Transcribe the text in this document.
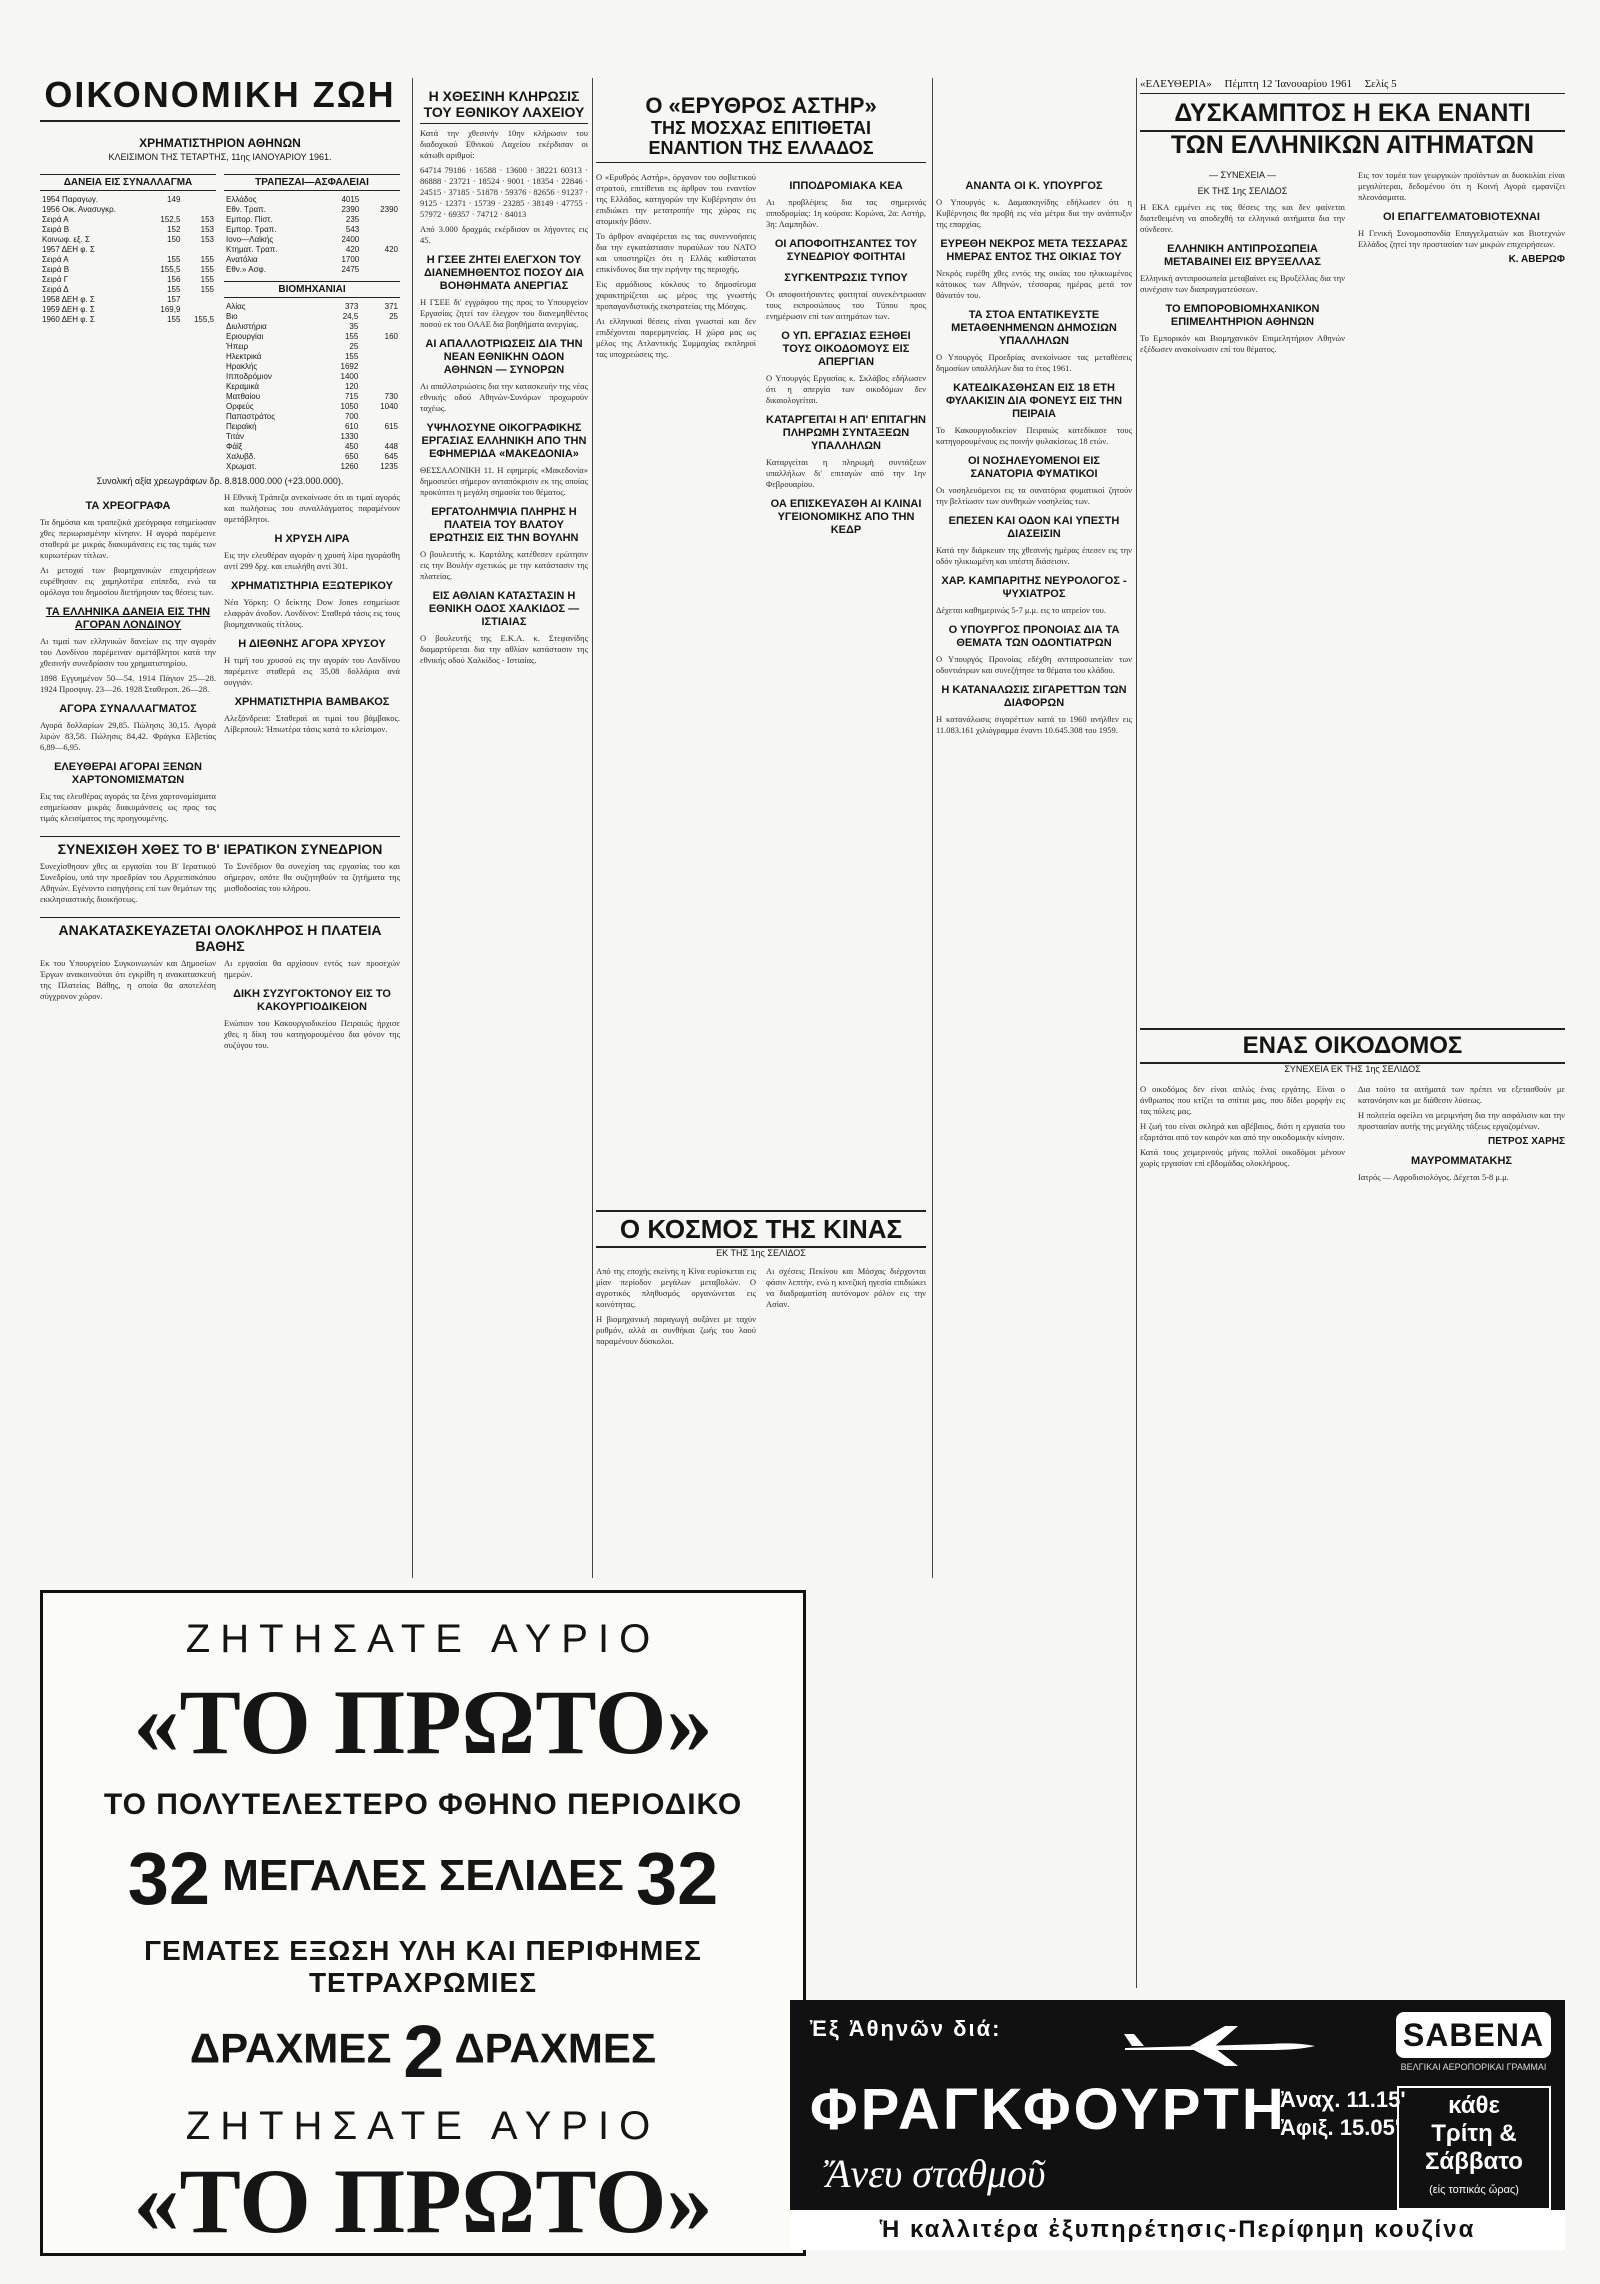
«ΕΛΕΥΘΕΡΙΑ» Πέμπτη 12 Ἰανουαρίου 1961 Σελίς 5
ΟΙΚΟΝΟΜΙΚΗ ΖΩΗ
ΧΡΗΜΑΤΙΣΤΗΡΙΟΝ ΑΘΗΝΩΝ
ΚΛΕΙΣΙΜΟΝ ΤΗΣ ΤΕΤΑΡΤΗΣ, 11ης ΙΑΝΟΥΑΡΙΟΥ 1961.
ΔΑΝΕΙΑ ΕΙΣ ΣΥΝΑΛΛΑΓΜΑ
1954 Παραγωγ.	149	
1956 Οικ. Ανασυγκρ.		
Σειρά Α	152,5	153
Σειρά Β	152	153
Κοινωφ. εξ. Σ	150	153
1957 ΔΕΗ φ. Σ		
Σειρά Α	155	155
Σειρά Β	155,5	155
Σειρά Γ	156	155
Σειρά Δ	155	155
1958 ΔΕΗ φ. Σ	157	
1959 ΔΕΗ φ. Σ	169,9	
1960 ΔΕΗ φ. Σ	155	155,5
ΤΡΑΠΕΖΑΙ—ΑΣΦΑΛΕΙΑΙ
Ελλάδος	4015	
Εθν. Τραπ.	2390	2390
Εμπορ. Πίστ.	235	
Εμπορ. Τραπ.	543	
Ιονο—Λαϊκής	2400	
Κτηματ. Τραπ.	420	420
Ανατόλια	1700	
Εθν.» Ασφ.	2475	
ΒΙΟΜΗΧΑΝΙΑΙ
Αλίας	373	371
Βιο	24,5	25
Διυλιστήρια	35	
Εριουργίαι	155	160
Ήπειρ	25	
Ηλεκτρικά	155	
Ηρακλής	1692	
Ιπποδρόμιον	1400	
Κεραμικά	120	
Ματθαίου	715	730
Ορφεύς	1050	1040
Παπαστράτος	700	
Πειραϊκή	610	615
Τιτάν	1330	
Φάϊξ	450	448
Χαλυβδ.	650	645
Χρωματ.	1260	1235
Συνολική αξία χρεωγράφων δρ. 8.818.000.000 (+23.000.000).
ΤΑ ΧΡΕΟΓΡΑΦΑ

Τα δημόσια και τραπεζικά χρεόγραφα εσημείωσαν χθες περιωρισμένην κίνησιν. Η αγορά παρέμεινε σταθερά με μικράς διακυμάνσεις εις τας τιμάς των κυριωτέρων τίτλων.

Αι μετοχαί των βιομηχανικών επιχειρήσεων ευρέθησαν εις χαμηλοτέρα επίπεδα, ενώ τα ομόλογα του δημοσίου διετήρησαν τας θέσεις των.

ΤΑ ΕΛΛΗΝΙΚΑ ΔΑΝΕΙΑ ΕΙΣ ΤΗΝ ΑΓΟΡΑΝ ΛΟΝΔΙΝΟΥ

Αι τιμαί των ελληνικών δανείων εις την αγοράν του Λονδίνου παρέμειναν αμετάβλητοι κατά την χθεσινήν συνεδρίασιν του χρηματιστηρίου.

1898 Εγγυημένον 50—54. 1914 Πάγιον 25—28. 1924 Προσφυγ. 23—26. 1928 Σταθεροπ. 26—28.

ΑΓΟΡΑ ΣΥΝΑΛΛΑΓΜΑΤΟΣ

Αγορά δολλαρίων 29,85. Πώλησις 30,15. Αγορά λιρών 83,58. Πώλησις 84,42. Φράγκα Ελβετίας 6,89—6,95.

ΕΛΕΥΘΕΡΑΙ ΑΓΟΡΑΙ ΞΕΝΩΝ ΧΑΡΤΟΝΟΜΙΣΜΑΤΩΝ

Εις τας ελευθέρας αγοράς τα ξένα χαρτονομίσματα εσημείωσαν μικράς διακυμάνσεις ως προς τας τιμάς κλεισίματος της προηγουμένης.

Η Εθνική Τράπεζα ανεκοίνωσε ότι αι τιμαί αγοράς και πωλήσεως του συναλλάγματος παραμένουν αμετάβλητοι.

Η ΧΡΥΣΗ ΛΙΡΑ

Εις την ελευθέραν αγοράν η χρυσή λίρα ηγοράσθη αντί 299 δρχ. και επωλήθη αντί 301.

ΧΡΗΜΑΤΙΣΤΗΡΙΑ ΕΞΩΤΕΡΙΚΟΥ

Νέα Υόρκη: Ο δείκτης Dow Jones εσημείωσε ελαφράν άνοδον. Λονδίνον: Σταθερά τάσις εις τους βιομηχανικούς τίτλους.

Η ΔΙΕΘΝΗΣ ΑΓΟΡΑ ΧΡΥΣΟΥ

Η τιμή του χρυσού εις την αγοράν του Λονδίνου παρέμεινε σταθερά εις 35,08 δολλάρια ανά ουγγιάν.

ΧΡΗΜΑΤΙΣΤΗΡΙΑ ΒΑΜΒΑΚΟΣ

Αλεξάνδρεια: Σταθεραί αι τιμαί του βάμβακος. Λίβερπουλ: Ήπιωτέρα τάσις κατά το κλείσιμον.

ΣΥΝΕΧΙΣΘΗ ΧΘΕΣ ΤΟ Β' ΙΕΡΑΤΙΚΟΝ ΣΥΝΕΔΡΙΟΝ

Συνεχίσθησαν χθες αι εργασίαι του Β' Ιερατικού Συνεδρίου, υπό την προεδρίαν του Αρχιεπισκόπου Αθηνών. Εγένοντο εισηγήσεις επί των θεμάτων της εκκλησιαστικής διοικήσεως.

Το Συνέδριον θα συνεχίση τας εργασίας του και σήμερον, οπότε θα συζητηθούν τα ζητήματα της μισθοδοσίας του κλήρου.

ΑΝΑΚΑΤΑΣΚΕΥΑΖΕΤΑΙ ΟΛΟΚΛΗΡΟΣ Η ΠΛΑΤΕΙΑ ΒΑΘΗΣ

Εκ του Υπουργείου Συγκοινωνιών και Δημοσίων Έργων ανακοινούται ότι εγκρίθη η ανακατασκευή της Πλατείας Βάθης, η οποία θα αποτελέση σύγχρονον χώρον.

Αι εργασίαι θα αρχίσουν εντός των προσεχών ημερών.

ΔΙΚΗ ΣΥΖΥΓΟΚΤΟΝΟΥ ΕΙΣ ΤΟ ΚΑΚΟΥΡΓΙΟΔΙΚΕΙΟΝ

Ενώπιον του Κακουργιοδικείου Πειραιώς ήρχισε χθες η δίκη του κατηγορουμένου δια φόνον της συζύγου του.

Η ΧΘΕΣΙΝΗ ΚΛΗΡΩΣΙΣ ΤΟΥ ΕΘΝΙΚΟΥ ΛΑΧΕΙΟΥ

Κατά την χθεσινήν 10ην κλήρωσιν του διαδοχικού Εθνικού Λαχείου εκέρδισαν οι κάτωθι αριθμοί:

64714 79186 · 16588 · 13600 · 38221 60313 · 86888 · 23721 · 18524 · 9001 · 18354 · 22846 · 24515 · 37185 · 51878 · 59376 · 82656 · 91237 · 9125 · 12371 · 15739 · 23285 · 38149 · 47755 · 57972 · 69357 · 74712 · 84013

Από 3.000 δραχμάς εκέρδισαν οι λήγοντες εις 45.

Η ΓΣΕΕ ΖΗΤΕΙ ΕΛΕΓΧΟΝ ΤΟΥ ΔΙΑΝΕΜΗΘΕΝΤΟΣ ΠΟΣΟΥ ΔΙΑ ΒΟΗΘΗΜΑΤΑ ΑΝΕΡΓΙΑΣ

Η ΓΣΕΕ δι' εγγράφου της προς το Υπουργείον Εργασίας ζητεί τον έλεγχον του διανεμηθέντος ποσού εκ του ΟΑΑΕ δια βοηθήματα ανεργίας.

ΑΙ ΑΠΑΛΛΟΤΡΙΩΣΕΙΣ ΔΙΑ ΤΗΝ ΝΕΑΝ ΕΘΝΙΚΗΝ ΟΔΟΝ ΑΘΗΝΩΝ — ΣΥΝΟΡΩΝ

Αι απαλλοτριώσεις δια την κατασκευήν της νέας εθνικής οδού Αθηνών-Συνόρων προχωρούν ταχέως.

ΥΨΗΛΟΣΥΝΕ ΟΙΚΟΓΡΑΦΙΚΗΣ ΕΡΓΑΣΙΑΣ ΕΛΛΗΝΙΚΗ ΑΠΟ ΤΗΝ ΕΦΗΜΕΡΙΔΑ «ΜΑΚΕΔΟΝΙΑ»

ΘΕΣΣΑΛΟΝΙΚΗ 11. Η εφημερίς «Μακεδονία» δημοσιεύει σήμερον ανταπόκρισιν εκ της οποίας προκύπτει η μεγάλη σημασία του θέματος.

ΕΡΓΑΤΟΛΗΜΨΙΑ ΠΛΗΡΗΣ Η ΠΛΑΤΕΙΑ ΤΟΥ ΒΛΑΤΟΥ ΕΡΩΤΗΣΙΣ ΕΙΣ ΤΗΝ ΒΟΥΛΗΝ

Ο βουλευτής κ. Καρτάλης κατέθεσεν ερώτησιν εις την Βουλήν σχετικώς με την κατάστασιν της πλατείας.

ΕΙΣ ΑΘΛΙΑΝ ΚΑΤΑΣΤΑΣΙΝ Η ΕΘΝΙΚΗ ΟΔΟΣ ΧΑΛΚΙΔΟΣ — ΙΣΤΙΑΙΑΣ

Ο βουλευτής της Ε.Κ.Α. κ. Στεφανίδης διαμαρτύρεται δια την αθλίαν κατάστασιν της εθνικής οδού Χαλκίδος - Ιστιαίας.

Ο «ΕΡΥΘΡΟΣ ΑΣΤΗΡ»
ΤΗΣ ΜΟΣΧΑΣ ΕΠΙΤΙΘΕΤΑΙ
ΕΝΑΝΤΙΟΝ ΤΗΣ ΕΛΛΑΔΟΣ

Ο «Ερυθρός Αστήρ», όργανον του σοβιετικού στρατού, επιτίθεται εις άρθρον του εναντίον της Ελλάδος, κατηγορών την Κυβέρνησιν ότι επιδιώκει την μετατροπήν της χώρας εις ατομικήν βάσιν.

Το άρθρον αναφέρεται εις τας συνεννοήσεις δια την εγκατάστασιν πυραύλων του ΝΑΤΟ και υποστηρίζει ότι η Ελλάς καθίσταται επικίνδυνος δια την ειρήνην της περιοχής.

Εις αρμόδιους κύκλους το δημοσίευμα χαρακτηρίζεται ως μέρος της γνωστής προπαγανδιστικής εκστρατείας της Μόσχας.

Αι ελληνικαί θέσεις είναι γνωσταί και δεν επιδέχονται παρερμηνείας. Η χώρα μας ως μέλος της Ατλαντικής Συμμαχίας εκπληροί τας υποχρεώσεις της.

ΙΠΠΟΔΡΟΜΙΑΚΑ ΚΕΑ

Αι προβλέψεις δια τας σημερινάς ιπποδρομίας: 1η κούρσα: Κορώνα, 2α: Αστήρ, 3η: Λαμπηδών.

ΟΙ ΑΠΟΦΟΙΤΗΣΑΝΤΕΣ ΤΟΥ ΣΥΝΕΔΡΙΟΥ ΦΟΙΤΗΤΑΙ
ΣΥΓΚΕΝΤΡΩΣΙΣ ΤΥΠΟΥ

Οι αποφοιτήσαντες φοιτηταί συνεκέντρωσαν τους εκπροσώπους του Τύπου προς ενημέρωσιν επί των αιτημάτων των.

Ο ΥΠ. ΕΡΓΑΣΙΑΣ ΕΞΗΘΕΙ ΤΟΥΣ ΟΙΚΟΔΟΜΟΥΣ ΕΙΣ ΑΠΕΡΓΙΑΝ

Ο Υπουργός Εργασίας κ. Σκλάβος εδήλωσεν ότι η απεργία των οικοδόμων δεν δικαιολογείται.

ΚΑΤΑΡΓΕΙΤΑΙ Η ΑΠ' ΕΠΙΤΑΓΗΝ ΠΛΗΡΩΜΗ ΣΥΝΤΑΞΕΩΝ ΥΠΑΛΛΗΛΩΝ

Καταργείται η πληρωμή συντάξεων υπαλλήλων δι' επιταγών από την 1ην Φεβρουαρίου.

ΟΑ ΕΠΙΣΚΕΥΑΣΘΗ ΑΙ ΚΛΙΝΑΙ ΥΓΕΙΟΝΟΜΙΚΗΣ ΑΠΟ ΤΗΝ ΚΕΔΡ
Ο ΚΟΣΜΟΣ ΤΗΣ ΚΙΝΑΣ
ΕΚ ΤΗΣ 1ης ΣΕΛΙΔΟΣ

Από της εποχής εκείνης η Κίνα ευρίσκεται εις μίαν περίοδον μεγάλων μεταβολών. Ο αγροτικός πληθυσμός οργανώνεται εις κοινότητας.

Η βιομηχανική παραγωγή αυξάνει με ταχύν ρυθμόν, αλλά αι συνθήκαι ζωής του λαού παραμένουν δύσκολοι.

Αι σχέσεις Πεκίνου και Μόσχας διέρχονται φάσιν λεπτήν, ενώ η κινεζική ηγεσία επιδιώκει να διαδραματίση αυτόνομον ρόλον εις την Ασίαν.

ΑΝΑΝΤΑ ΟΙ Κ. ΥΠΟΥΡΓΟΣ

Ο Υπουργός κ. Δαμασκηνίδης εδήλωσεν ότι η Κυβέρνησις θα προβή εις νέα μέτρα δια την ανάπτυξιν της επαρχίας.

ΕΥΡΕΘΗ ΝΕΚΡΟΣ ΜΕΤΑ ΤΕΣΣΑΡΑΣ ΗΜΕΡΑΣ ΕΝΤΟΣ ΤΗΣ ΟΙΚΙΑΣ ΤΟΥ

Νεκρός ευρέθη χθες εντός της οικίας του ηλικιωμένος κάτοικος των Αθηνών, τέσσαρας ημέρας μετά τον θάνατόν του.

ΤΑ ΣΤΟΑ ΕΝΤΑΤΙΚΕΥΣΤΕ ΜΕΤΑΘΕΝΗΜΕΝΩΝ ΔΗΜΟΣΙΩΝ ΥΠΑΛΛΗΛΩΝ

Ο Υπουργός Προεδρίας ανεκοίνωσε τας μεταθέσεις δημοσίων υπαλλήλων δια το έτος 1961.

ΚΑΤΕΔΙΚΑΣΘΗΣΑΝ ΕΙΣ 18 ΕΤΗ ΦΥΛΑΚΙΣΙΝ ΔΙΑ ΦΟΝΕΥΣ ΕΙΣ ΤΗΝ ΠΕΙΡΑΙΑ

Το Κακουργιοδικείον Πειραιώς κατεδίκασε τους κατηγορουμένους εις ποινήν φυλακίσεως 18 ετών.

ΟΙ ΝΟΣΗΛΕΥΟΜΕΝΟΙ ΕΙΣ ΣΑΝΑΤΟΡΙΑ ΦΥΜΑΤΙΚΟΙ

Οι νοσηλευόμενοι εις τα σανατόρια φυματικοί ζητούν την βελτίωσιν των συνθηκών νοσηλείας των.

ΕΠΕΣΕΝ ΚΑΙ ΟΔΟΝ ΚΑΙ ΥΠΕΣΤΗ ΔΙΑΣΕΙΣΙΝ

Κατά την διάρκειαν της χθεσινής ημέρας έπεσεν εις την οδόν ηλικιωμένη και υπέστη διάσεισιν.

ΧΑΡ. ΚΑΜΠΑΡΙΤΗΣ ΝΕΥΡΟΛΟΓΟΣ - ΨΥΧΙΑΤΡΟΣ

Δέχεται καθημερινώς 5-7 μ.μ. εις το ιατρείον του.

Ο ΥΠΟΥΡΓΟΣ ΠΡΟΝΟΙΑΣ ΔΙΑ ΤΑ ΘΕΜΑΤΑ ΤΩΝ ΟΔΟΝΤΙΑΤΡΩΝ

Ο Υπουργός Προνοίας εδέχθη αντιπροσωπείαν των οδοντιάτρων και συνεζήτησε τα θέματα του κλάδου.

Η ΚΑΤΑΝΑΛΩΣΙΣ ΣΙΓΑΡΕΤΤΩΝ ΤΩΝ ΔΙΑΦΟΡΩΝ

Η κατανάλωσις σιγαρέττων κατά το 1960 ανήλθεν εις 11.083.161 χιλιόγραμμα έναντι 10.645.308 του 1959.

ΔΥΣΚΑΜΠΤΟΣ Η ΕΚΑ ΕΝΑΝΤΙ
ΤΩΝ ΕΛΛΗΝΙΚΩΝ ΑΙΤΗΜΑΤΩΝ
— ΣΥΝΕΧΕΙΑ —
ΕΚ ΤΗΣ 1ης ΣΕΛΙΔΟΣ

Η ΕΚΑ εμμένει εις τας θέσεις της και δεν φαίνεται διατεθειμένη να αποδεχθή τα ελληνικά αιτήματα δια την σύνδεσιν.

ΕΛΛΗΝΙΚΗ ΑΝΤΙΠΡΟΣΩΠΕΙΑ ΜΕΤΑΒΑΙΝΕΙ ΕΙΣ ΒΡΥΞΕΛΛΑΣ

Ελληνική αντιπροσωπεία μεταβαίνει εις Βρυξέλλας δια την συνέχισιν των διαπραγματεύσεων.

ΤΟ ΕΜΠΟΡΟΒΙΟΜΗΧΑΝΙΚΟΝ ΕΠΙΜΕΛΗΤΗΡΙΟΝ ΑΘΗΝΩΝ

Το Εμπορικόν και Βιομηχανικόν Επιμελητήριον Αθηνών εξέδωσεν ανακοίνωσιν επί του θέματος.

Εις τον τομέα των γεωργικών προϊόντων αι δυσκολίαι είναι μεγαλύτεραι, δεδομένου ότι η Κοινή Αγορά εμφανίζει πλεονάσματα.

ΟΙ ΕΠΑΓΓΕΛΜΑΤΟΒΙΟΤΕΧΝΑΙ

Η Γενική Συνομοσπονδία Επαγγελματιών και Βιοτεχνών Ελλάδος ζητεί την προστασίαν των μικρών επιχειρήσεων.

Κ. ΑΒΕΡΩΦ
ΕΝΑΣ ΟΙΚΟΔΟΜΟΣ
ΣΥΝΕΧΕΙΑ ΕΚ ΤΗΣ 1ης ΣΕΛΙΔΟΣ

Ο οικοδόμος δεν είναι απλώς ένας εργάτης. Είναι ο άνθρωπος που κτίζει τα σπίτια μας, που δίδει μορφήν εις τας πόλεις μας.

Η ζωή του είναι σκληρά και αβέβαιος, διότι η εργασία του εξαρτάται από τον καιρόν και από την οικοδομικήν κίνησιν.

Κατά τους χειμερινούς μήνας πολλοί οικοδόμοι μένουν χωρίς εργασίαν επί εβδομάδας ολοκλήρους.

Δια τούτο τα αιτήματά των πρέπει να εξετασθούν με κατανόησιν και με διάθεσιν λύσεως.

Η πολιτεία οφείλει να μεριμνήση δια την ασφάλισιν και την προστασίαν αυτής της μεγάλης τάξεως εργαζομένων.

ΠΕΤΡΟΣ ΧΑΡΗΣ
ΜΑΥΡΟΜΜΑΤΑΚΗΣ

Ιατρός — Αφροδισιολόγος. Δέχεται 5-8 μ.μ.

ΖΗΤΗΣΑΤΕ ΑΥΡΙΟ
«ΤΟ ΠΡΩΤΟ»
ΤΟ ΠΟΛΥΤΕΛΕΣΤΕΡΟ ΦΘΗΝΟ ΠΕΡΙΟΔΙΚΟ
32 ΜΕΓΑΛΕΣ ΣΕΛΙΔΕΣ 32
ΓΕΜΑΤΕΣ ΕΞΩΣΗ ΥΛΗ ΚΑΙ ΠΕΡΙΦΗΜΕΣ ΤΕΤΡΑΧΡΩΜΙΕΣ
ΔΡΑΧΜΕΣ 2 ΔΡΑΧΜΕΣ
ΖΗΤΗΣΑΤΕ ΑΥΡΙΟ
«ΤΟ ΠΡΩΤΟ»
Ἐξ Ἀθηνῶν διά:	SABENA
ΒΕΛΓΙΚΑΙ ΑΕΡΟΠΟΡΙΚΑΙ ΓΡΑΜΜΑΙ
ΦΡΑΓΚΦΟΥΡΤΗ
Ἄνευ σταθμοῦ
Ἀναχ. 11.15'
Ἀφιξ. 15.05'
κάθε
Τρίτη & Σάββατο
(εἰς τοπικάς ὥρας)
Ἡ καλλιτέρα ἐξυπηρέτησις-Περίφημη κουζίνα
